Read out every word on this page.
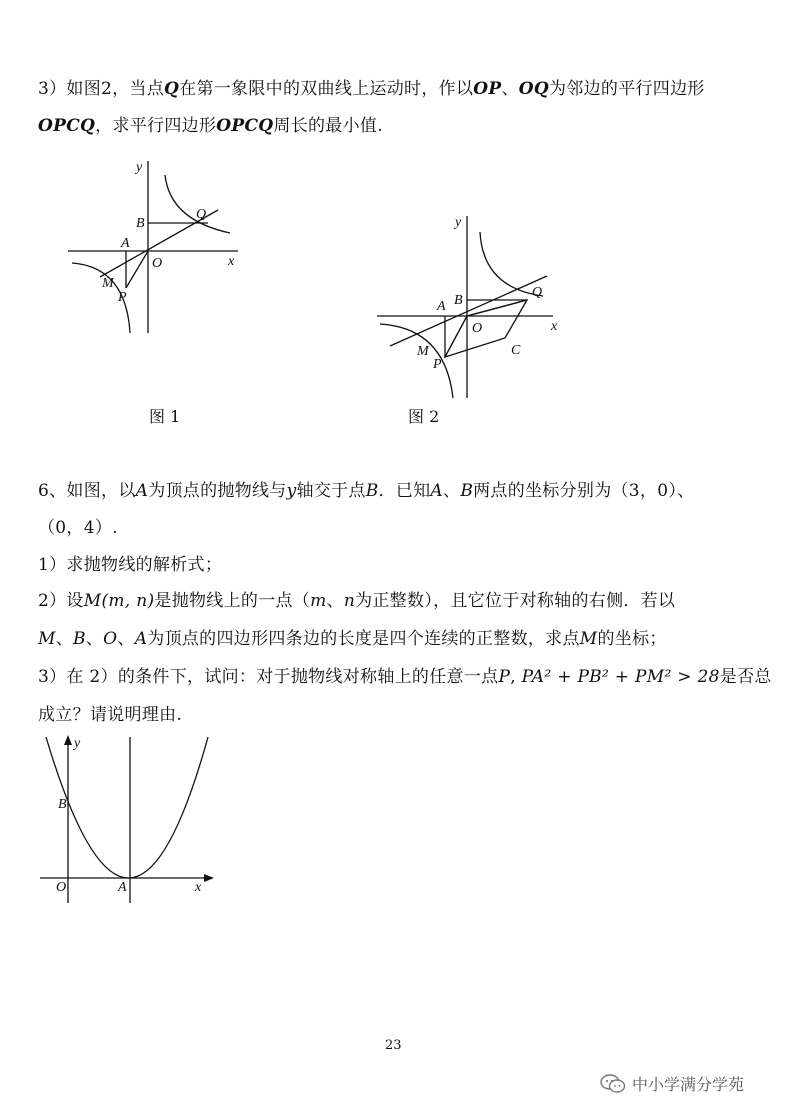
3）如图2，当点Q在第一象限中的双曲线上运动时，作以OP、OQ为邻边的平行四边形
OPCQ，求平行四边形OPCQ周长的最小值.
y
x
B
Q
A
O
M
P
图 1
y
x
A B
Q
O
C
M
P
图 2
6、如图，以A为顶点的抛物线与y轴交于点B．已知A、B两点的坐标分别为（3，0）、
（0，4）.
1）求抛物线的解析式；
2）设M(m, n)是抛物线上的一点（m、n为正整数），且它位于对称轴的右侧．若以
M、B、O、A为顶点的四边形四条边的长度是四个连续的正整数，求点M的坐标；
3）在 2）的条件下，试问：对于抛物线对称轴上的任意一点P, PA² + PB² + PM² > 28是否总
成立？请说明理由.
y
x
B
O	A
23
中小学满分学苑
